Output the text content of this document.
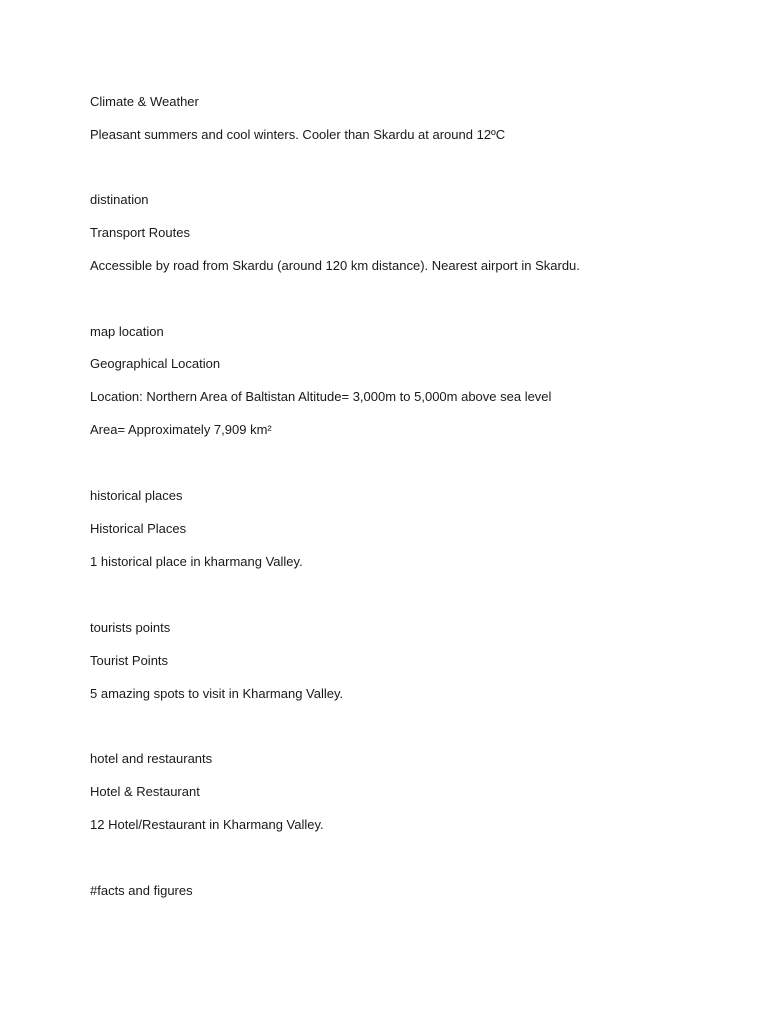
Climate & Weather

Pleasant summers and cool winters. Cooler than Skardu at around 12ºC

distination

Transport Routes

Accessible by road from Skardu (around 120 km distance). Nearest airport in Skardu.

map location

Geographical Location

Location: Northern Area of Baltistan Altitude= 3,000m to 5,000m above sea level

Area= Approximately 7,909 km²

historical places

Historical Places

1 historical place in kharmang Valley.

tourists points

Tourist Points

5 amazing spots to visit in Kharmang Valley.

hotel and restaurants

Hotel & Restaurant

12 Hotel/Restaurant in Kharmang Valley.

#facts and figures
